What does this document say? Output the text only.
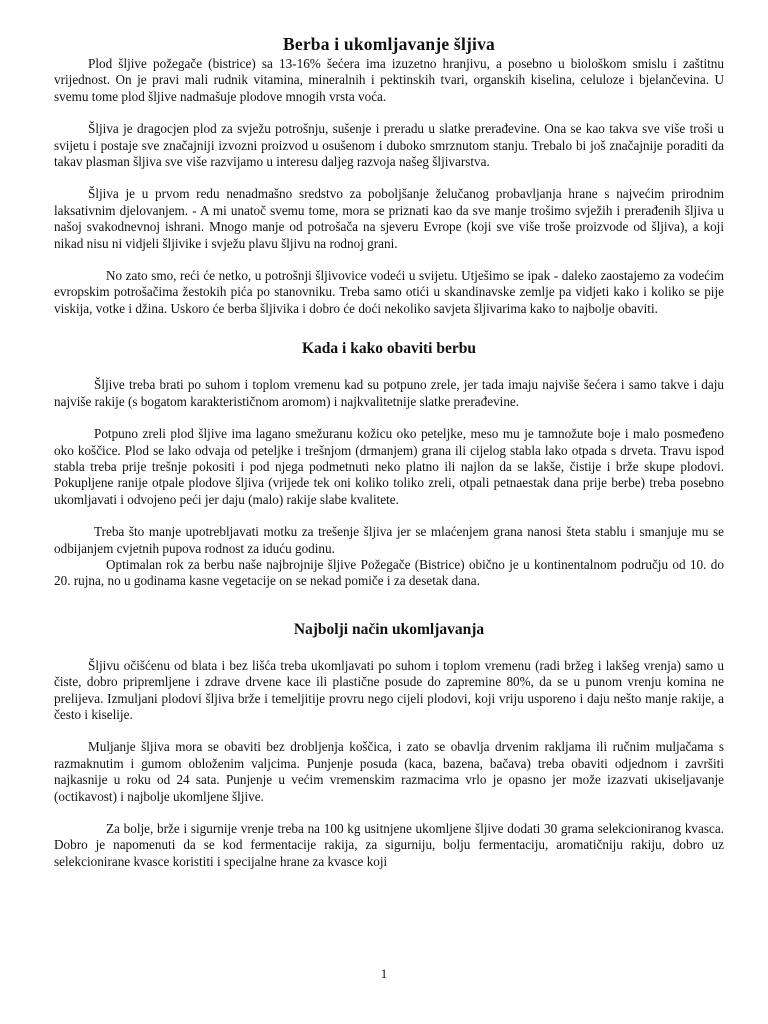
Berba i ukomljavanje šljiva

Plod šljive požegače (bistrice) sa 13-16% šećera ima izuzetno hranjivu, a posebno u biološkom smislu i zaštitnu vrijednost. On je pravi mali rudnik vitamina, mineralnih i pektinskih tvari, organskih kiselina, celuloze i bjelančevina. U svemu tome plod šljive nadmašuje plodove mnogih vrsta voća.

Šljiva je dragocjen plod za svježu potrošnju, sušenje i preradu u slatke prerađevine. Ona se kao takva sve više troši u svijetu i postaje sve značajniji izvozni proizvod u osušenom i duboko smrznutom stanju. Trebalo bi još značajnije poraditi da takav plasman šljiva sve više razvijamo u interesu daljeg razvoja našeg šljivarstva.

Šljiva je u prvom redu nenadmašno sredstvo za poboljšanje želučanog probavljanja hrane s najvećim prirodnim laksativnim djelovanjem. - A mi unatoč svemu tome, mora se priznati kao da sve manje trošimo svježih i prerađenih šljiva u našoj svakodnevnoj ishrani. Mnogo manje od potrošača na sjeveru Evrope (koji sve više troše proizvode od šljiva), a koji nikad nisu ni vidjeli šljivike i svježu plavu šljivu na rodnoj grani.

No zato smo, reći će netko, u potrošnji šljivovice vodeći u svijetu. Utješimo se ipak - daleko zaostajemo za vodećim evropskim potrošačima žestokih pića po stanovniku. Treba samo otići u skandinavske zemlje pa vidjeti kako i koliko se pije viskija, votke i džina. Uskoro će berba šljivika i dobro će doći nekoliko savjeta šljivarima kako to najbolje obaviti.

Kada i kako obaviti berbu

Šljive treba brati po suhom i toplom vremenu kad su potpuno zrele, jer tada imaju najviše šećera i samo takve i daju najviše rakije (s bogatom karakterističnom aromom) i najkvalitetnije slatke prerađevine.

Potpuno zreli plod šljive ima lagano smežuranu kožicu oko peteljke, meso mu je tamnožute boje i malo posmeđeno oko koščice. Plod se lako odvaja od peteljke i trešnjom (drmanjem) grana ili cijelog stabla lako otpada s drveta. Travu ispod stabla treba prije trešnje pokositi i pod njega podmetnuti neko platno ili najlon da se lakše, čistije i brže skupe plodovi. Pokupljene ranije otpale plodove šljiva (vrijede tek oni koliko toliko zreli, otpali petnaestak dana prije berbe) treba posebno ukomljavati i odvojeno peći jer daju (malo) rakije slabe kvalitete.

Treba što manje upotrebljavati motku za trešenje šljiva jer se mlaćenjem grana nanosi šteta stablu i smanjuje mu se odbijanjem cvjetnih pupova rodnost za iduću godinu.

Optimalan rok za berbu naše najbrojnije šljive Požegače (Bistrice) obično je u kontinentalnom području od 10. do 20. rujna, no u godinama kasne vegetacije on se nekad pomiče i za desetak dana.

Najbolji način ukomljavanja

Šljivu očišćenu od blata i bez lišća treba ukomljavati po suhom i toplom vremenu (radi bržeg i lakšeg vrenja) samo u čiste, dobro pripremljene i zdrave drvene kace ili plastične posude do zapremine 80%, da se u punom vrenju komina ne prelijeva. Izmuljani plodovi šljiva brže i temeljitije provru nego cijeli plodovi, koji vriju usporeno i daju nešto manje rakije, a često i kiselije.

Muljanje šljiva mora se obaviti bez drobljenja koščica, i zato se obavlja drvenim rakljama ili ručnim muljačama s razmaknutim i gumom obloženim valjcima. Punjenje posuda (kaca, bazena, bačava) treba obaviti odjednom i završiti najkasnije u roku od 24 sata. Punjenje u većim vremenskim razmacima vrlo je opasno jer može izazvati ukiseljavanje (octikavost) i najbolje ukomljene šljive.

Za bolje, brže i sigurnije vrenje treba na 100 kg usitnjene ukomljene šljive dodati 30 grama selekcioniranog kvasca. Dobro je napomenuti da se kod fermentacije rakija, za sigurniju, bolju fermentaciju, aromatičniju rakiju, dobro uz selekcionirane kvasce koristiti i specijalne hrane za kvasce koji

1
